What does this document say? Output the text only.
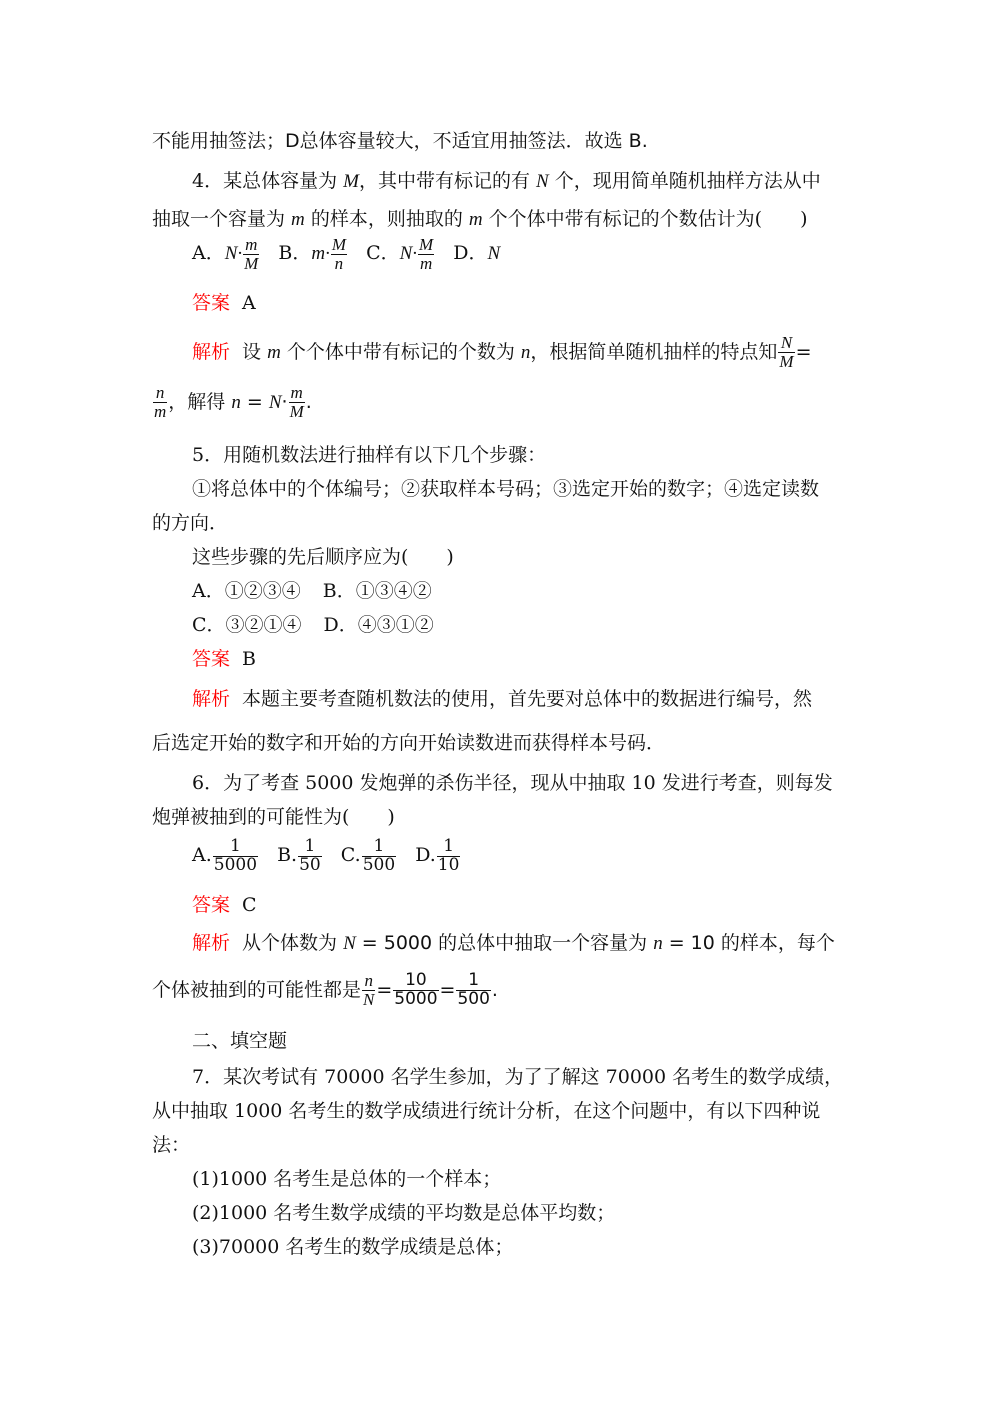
不能用抽签法；D总体容量较大，不适宜用抽签法．故选 B.
4．某总体容量为 M，其中带有标记的有 N 个，现用简单随机抽样方法从中
抽取一个容量为 m 的样本，则抽取的 m 个个体中带有标记的个数估计为(　　)
A．$N\cdot \frac{m}{M}$ B．$m\cdot \frac{M}{n}$ C．$N\cdot \frac{M}{m}$ D．N
答案 A
解析 设 m 个个体中带有标记的个数为 n，根据简单随机抽样的特点知 $\frac{N}{M}$ =
$\frac{n}{m}$ ，解得 $n = N\cdot \frac{m}{M}$ .
5．用随机数法进行抽样有以下几个步骤：
①将总体中的个体编号；②获取样本号码；③选定开始的数字；④选定读数
的方向．
这些步骤的先后顺序应为(　　)
A．①②③④ B．①③④②
C．③②①④ D．④③①②
答案 B
解析 本题主要考查随机数法的使用，首先要对总体中的数据进行编号，然
后选定开始的数字和开始的方向开始读数进而获得样本号码．
6．为了考查 5000 发炮弹的杀伤半径，现从中抽取 10 发进行考查，则每发
炮弹被抽到的可能性为(　　)
A. $\frac{1}{5000} B$. $\frac{1}{50} C$. $\frac{1}{500} D$. $\frac{1}{10}$
答案 C
解析 从个体数为 N = 5000 的总体中抽取一个容量为 n = 10 的样本，每个
个体被抽到的可能性都是 $\frac{n}{N} = \frac{10}{5000} = \frac{1}{500}$ .
二、填空题
7．某次考试有 70000 名学生参加，为了了解这 70000 名考生的数学成绩，
从中抽取 1000 名考生的数学成绩进行统计分析，在这个问题中，有以下四种说
法：
(1)1000 名考生是总体的一个样本；
(2)1000 名考生数学成绩的平均数是总体平均数；
(3)70000 名考生的数学成绩是总体；
